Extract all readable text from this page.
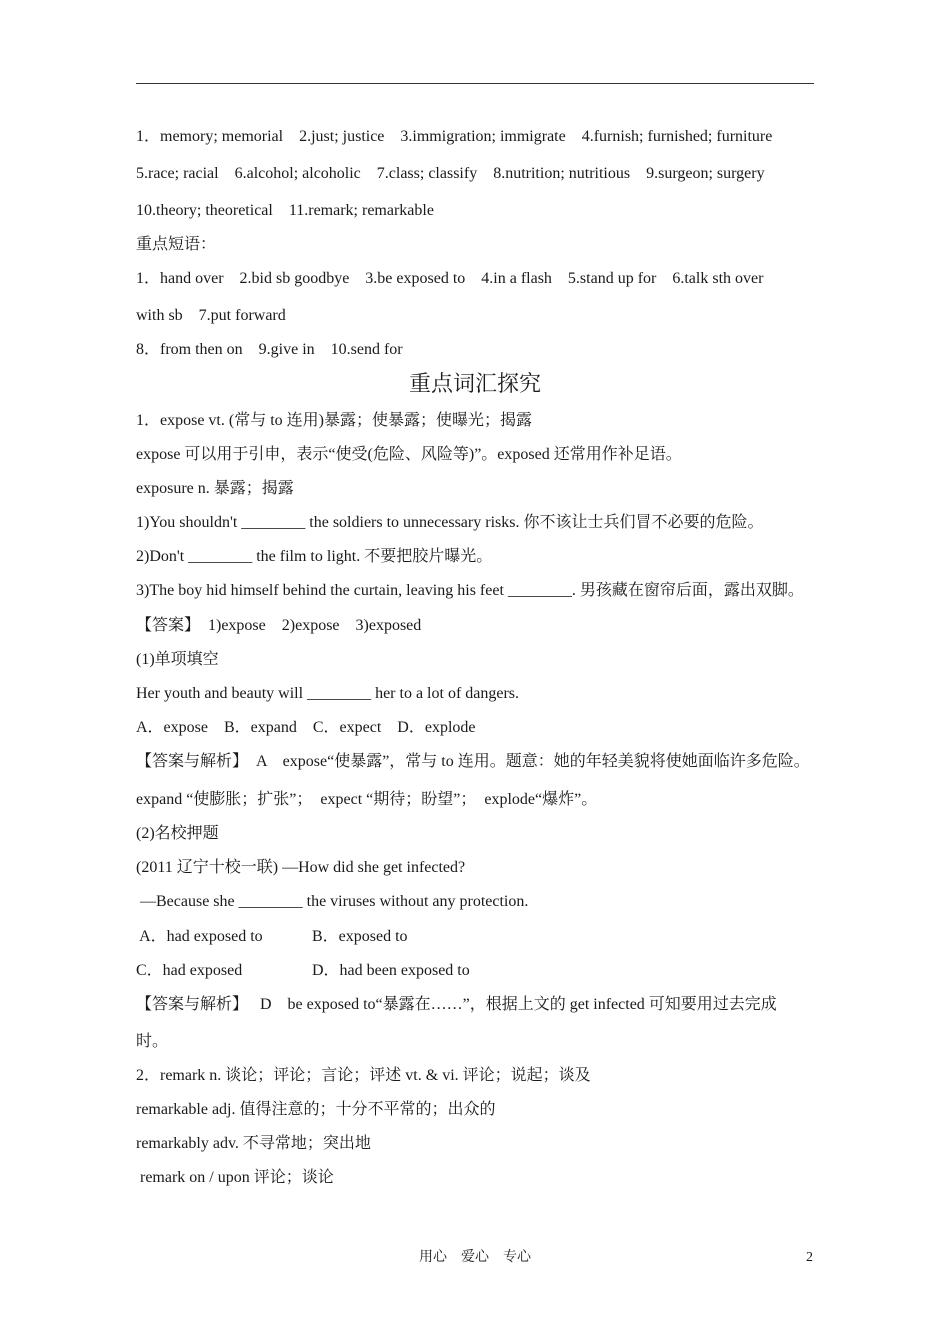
1．memory; memorial    2.just; justice    3.immigration; immigrate    4.furnish; furnished; furniture
5.race; racial    6.alcohol; alcoholic    7.class; classify    8.nutrition; nutritious    9.surgeon; surgery
10.theory; theoretical    11.remark; remarkable
重点短语：
1．hand over    2.bid sb goodbye    3.be exposed to    4.in a flash    5.stand up for    6.talk sth over
with sb    7.put forward
8．from then on    9.give in    10.send for
重点词汇探究
1．expose vt. (常与 to 连用)暴露；使暴露；使曝光；揭露
expose 可以用于引申，表示“使受(危险、风险等)”。exposed 还常用作补足语。
exposure n. 暴露；揭露
1)You shouldn't ________ the soldiers to unnecessary risks. 你不该让士兵们冒不必要的危险。
2)Don't ________ the film to light. 不要把胶片曝光。
3)The boy hid himself behind the curtain, leaving his feet ________. 男孩藏在窗帘后面，露出双脚。
【答案】  1)expose    2)expose    3)exposed
(1)单项填空
Her youth and beauty will ________ her to a lot of dangers.
A．expose    B．expand    C．expect    D．explode
【答案与解析】  A    expose“使暴露”，常与 to 连用。题意：她的年轻美貌将使她面临许多危险。
expand “使膨胀；扩张”；  expect “期待；盼望”；  explode“爆炸”。
(2)名校押题
(2011 辽宁十校一联) —How did she get infected?
—Because she ________ the viruses without any protection.
A．had exposed to	B．exposed to
C．had exposed	D．had been exposed to
【答案与解析】   D    be exposed to“暴露在……”，根据上文的 get infected 可知要用过去完成
时。
2．remark n. 谈论；评论；言论；评述 vt. & vi. 评论；说起；谈及
remarkable adj. 值得注意的；十分不平常的；出众的
remarkably adv. 不寻常地；突出地
remark on / upon 评论；谈论
用心    爱心    专心	2
